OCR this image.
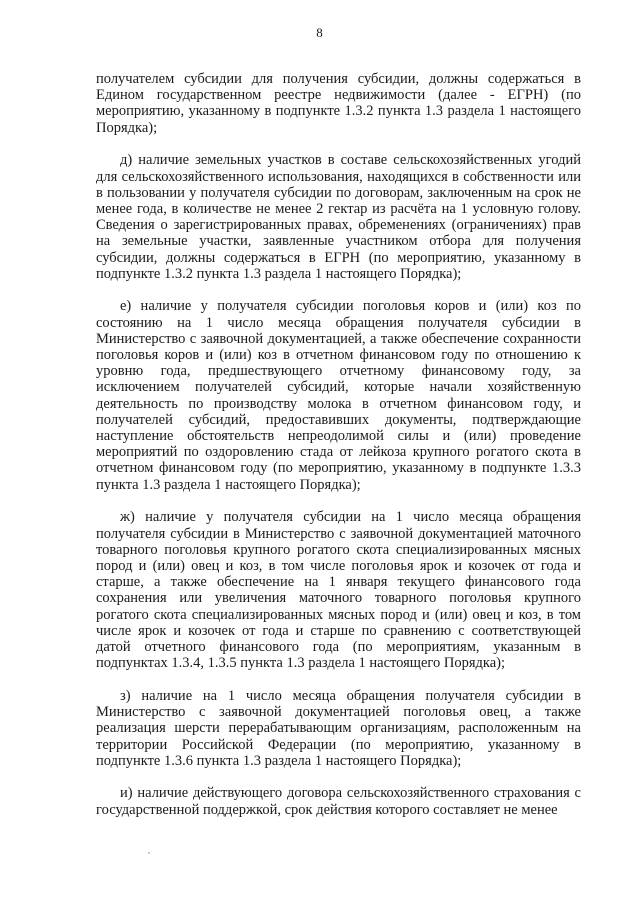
8

получателем субсидии для получения субсидии, должны содержаться в Едином государственном реестре недвижимости (далее - ЕГРН) (по мероприятию, указанному в подпункте 1.3.2 пункта 1.3 раздела 1 настоящего Порядка);

д) наличие земельных участков в составе сельскохозяйственных угодий для сельскохозяйственного использования, находящихся в собственности или в пользовании у получателя субсидии по договорам, заключенным на срок не менее года, в количестве не менее 2 гектар из расчёта на 1 условную голову. Сведения о зарегистрированных правах, обременениях (ограничениях) прав на земельные участки, заявленные участником отбора для получения субсидии, должны содержаться в ЕГРН (по мероприятию, указанному в подпункте 1.3.2 пункта 1.3 раздела 1 настоящего Порядка);

е) наличие у получателя субсидии поголовья коров и (или) коз по состоянию на 1 число месяца обращения получателя субсидии в Министерство с заявочной документацией, а также обеспечение сохранности поголовья коров и (или) коз в отчетном финансовом году по отношению к уровню года, предшествующего отчетному финансовому году, за исключением получателей субсидий, которые начали хозяйственную деятельность по производству молока в отчетном финансовом году, и получателей субсидий, предоставивших документы, подтверждающие наступление обстоятельств непреодолимой силы и (или) проведение мероприятий по оздоровлению стада от лейкоза крупного рогатого скота в отчетном финансовом году (по мероприятию, указанному в подпункте 1.3.3 пункта 1.3 раздела 1 настоящего Порядка);

ж) наличие у получателя субсидии на 1 число месяца обращения получателя субсидии в Министерство с заявочной документацией маточного товарного поголовья крупного рогатого скота специализированных мясных пород и (или) овец и коз, в том числе поголовья ярок и козочек от года и старше, а также обеспечение на 1 января текущего финансового года сохранения или увеличения маточного товарного поголовья крупного рогатого скота специализированных мясных пород и (или) овец и коз, в том числе ярок и козочек от года и старше по сравнению с соответствующей датой отчетного финансового года (по мероприятиям, указанным в подпунктах 1.3.4, 1.3.5 пункта 1.3 раздела 1 настоящего Порядка);

з) наличие на 1 число месяца обращения получателя субсидии в Министерство с заявочной документацией поголовья овец, а также реализация шерсти перерабатывающим организациям, расположенным на территории Российской Федерации (по мероприятию, указанному в подпункте 1.3.6 пункта 1.3 раздела 1 настоящего Порядка);

и) наличие действующего договора сельскохозяйственного страхования с государственной поддержкой, срок действия которого составляет не менее
